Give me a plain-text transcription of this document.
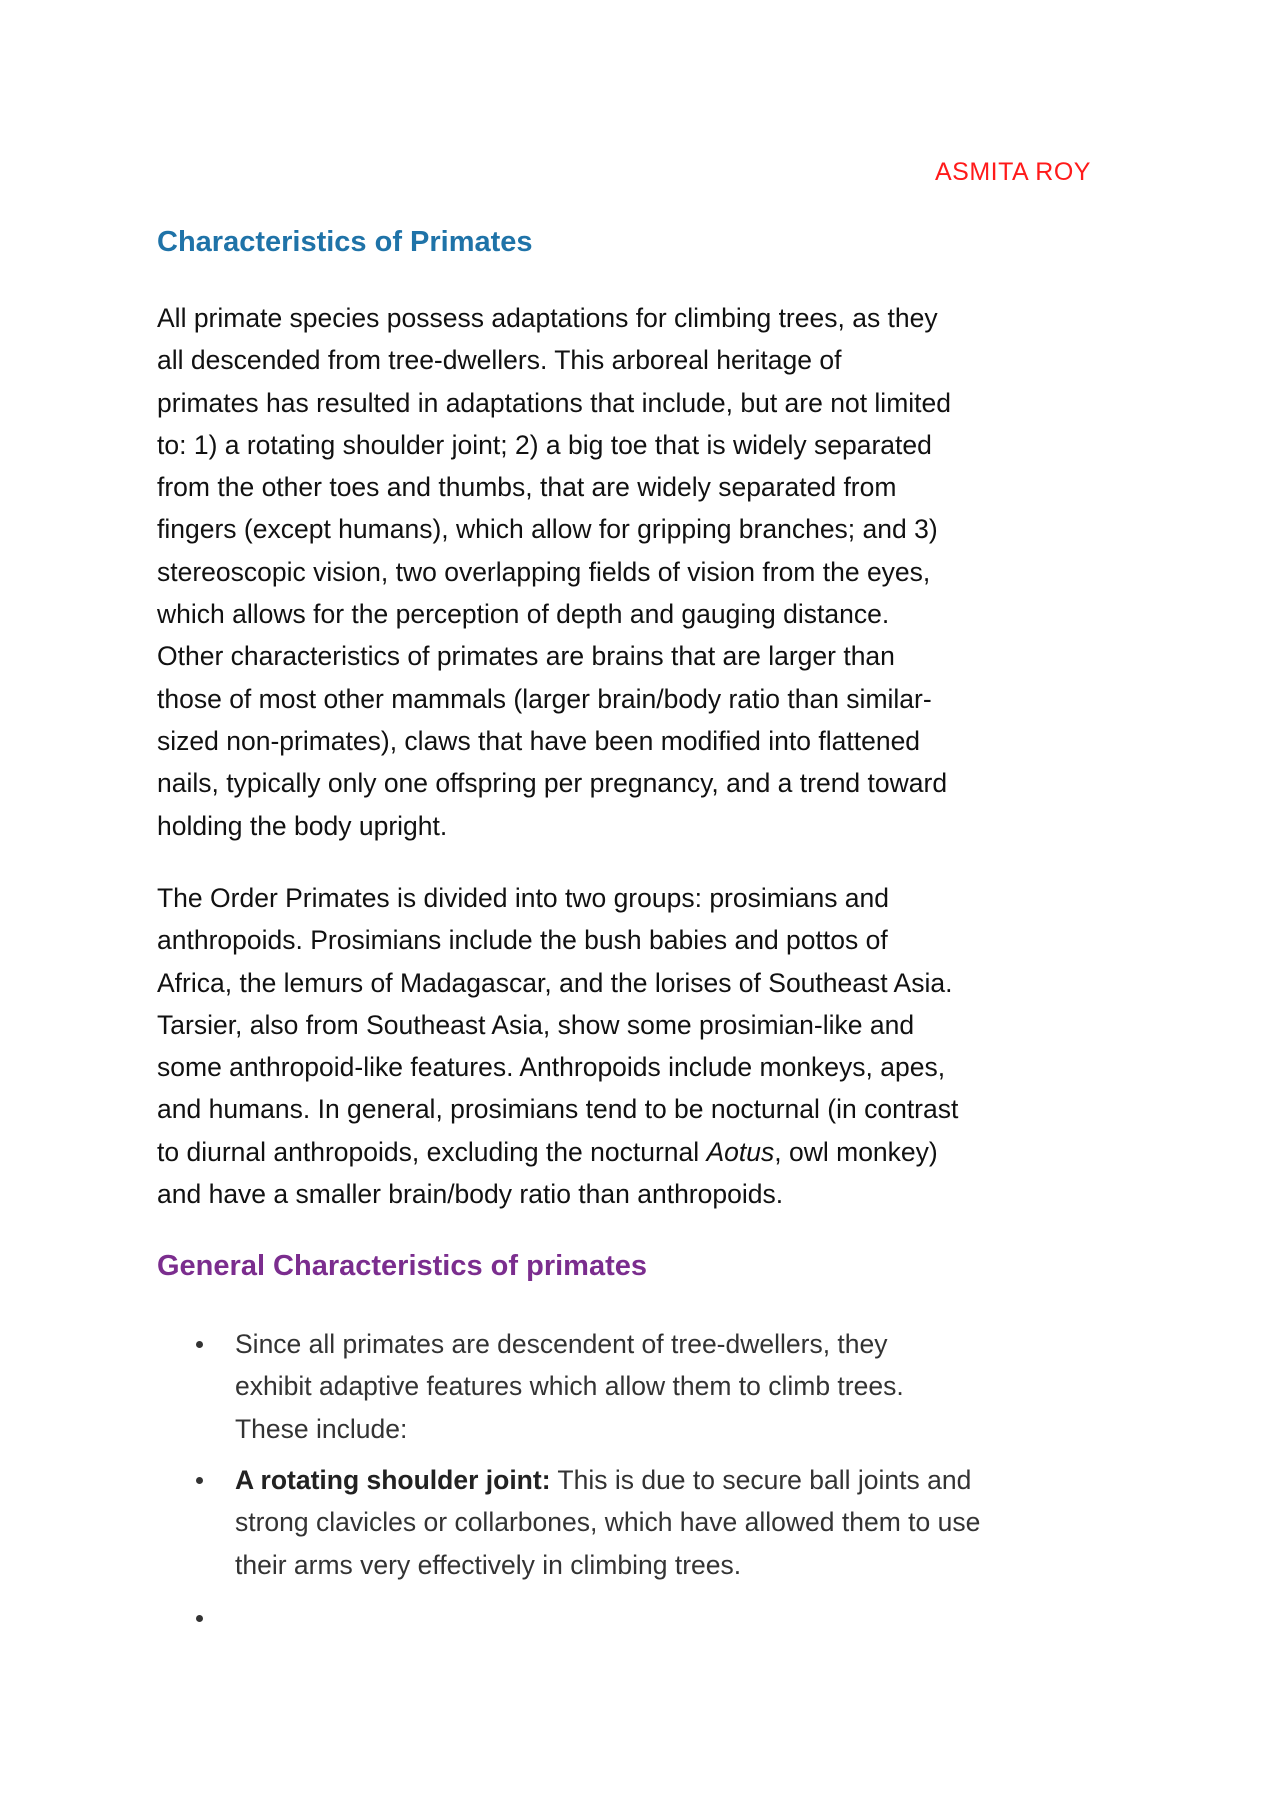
ASMITA ROY
Characteristics of Primates
All primate species possess adaptations for climbing trees, as they
all descended from tree-dwellers. This arboreal heritage of
primates has resulted in adaptations that include, but are not limited
to: 1) a rotating shoulder joint; 2) a big toe that is widely separated
from the other toes and thumbs, that are widely separated from
fingers (except humans), which allow for gripping branches; and 3)
stereoscopic vision, two overlapping fields of vision from the eyes,
which allows for the perception of depth and gauging distance.
Other characteristics of primates are brains that are larger than
those of most other mammals (larger brain/body ratio than similar-
sized non-primates), claws that have been modified into flattened
nails, typically only one offspring per pregnancy, and a trend toward
holding the body upright.
The Order Primates is divided into two groups: prosimians and
anthropoids. Prosimians include the bush babies and pottos of
Africa, the lemurs of Madagascar, and the lorises of Southeast Asia.
Tarsier, also from Southeast Asia, show some prosimian-like and
some anthropoid-like features. Anthropoids include monkeys, apes,
and humans. In general, prosimians tend to be nocturnal (in contrast
to diurnal anthropoids, excluding the nocturnal Aotus, owl monkey)
and have a smaller brain/body ratio than anthropoids.
General Characteristics of primates
Since all primates are descendent of tree-dwellers, they
exhibit adaptive features which allow them to climb trees.
These include:
A rotating shoulder joint: This is due to secure ball joints and
strong clavicles or collarbones, which have allowed them to use
their arms very effectively in climbing trees.
